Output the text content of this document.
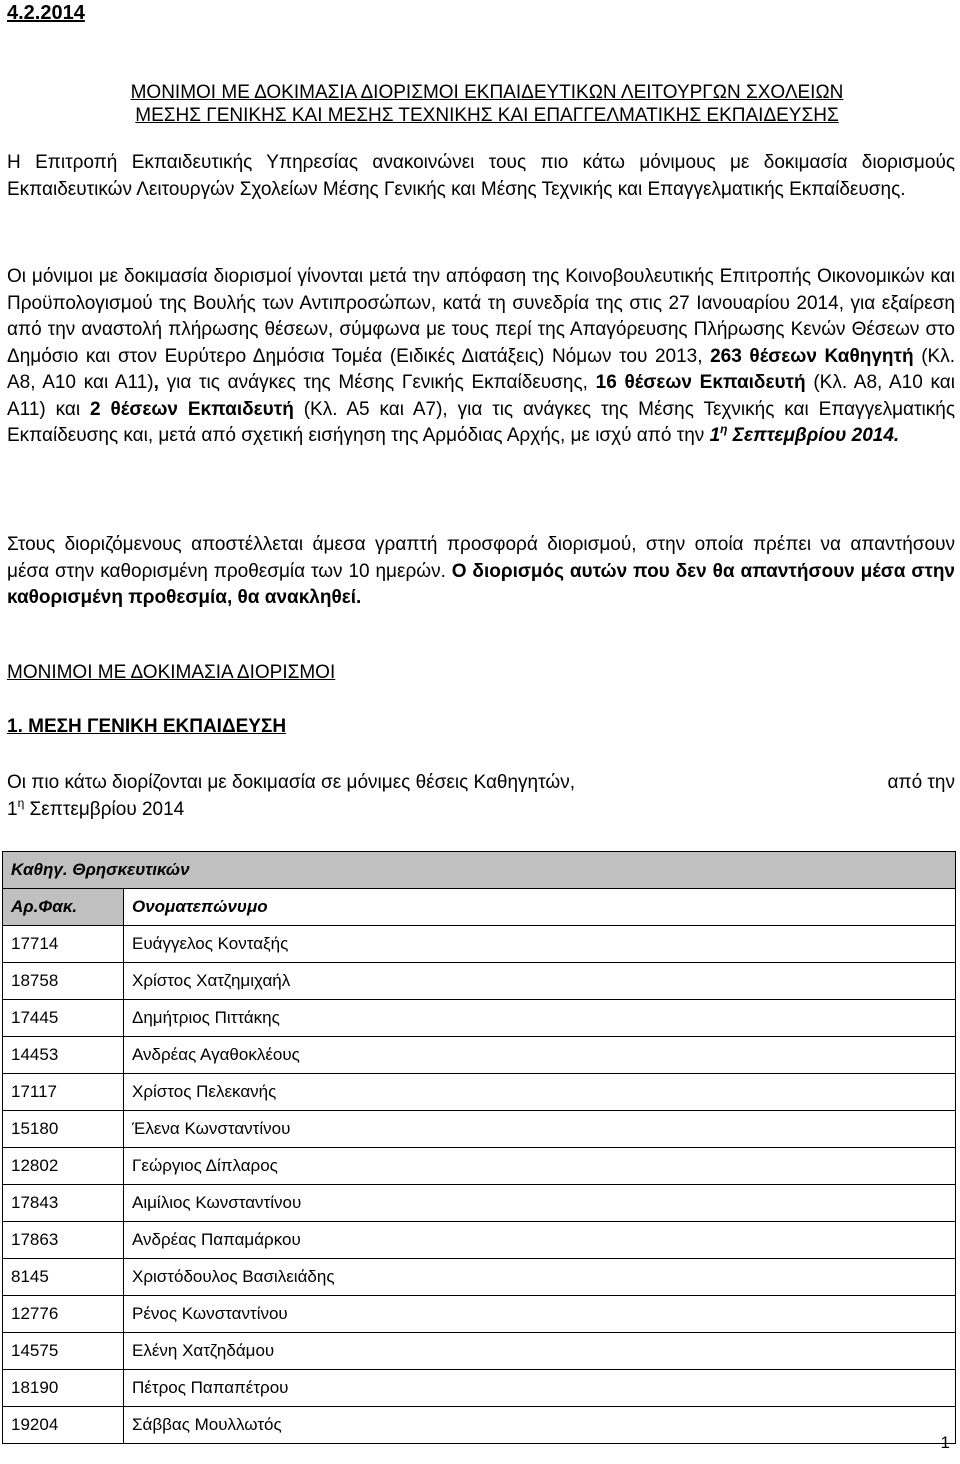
4.2.2014
ΜΟΝΙΜΟΙ ΜΕ ΔΟΚΙΜΑΣΙΑ ΔΙΟΡΙΣΜΟΙ ΕΚΠΑΙΔΕΥΤΙΚΩΝ ΛΕΙΤΟΥΡΓΩΝ ΣΧΟΛΕΙΩΝ
ΜΕΣΗΣ ΓΕΝΙΚΗΣ ΚΑΙ ΜΕΣΗΣ ΤΕΧΝΙΚΗΣ ΚΑΙ ΕΠΑΓΓΕΛΜΑΤΙΚΗΣ ΕΚΠΑΙΔΕΥΣΗΣ
Η Επιτροπή Εκπαιδευτικής Υπηρεσίας ανακοινώνει τους πιο κάτω μόνιμους με δοκιμασία διορισμούς Εκπαιδευτικών Λειτουργών Σχολείων Μέσης Γενικής και Μέσης Τεχνικής και Επαγγελματικής Εκπαίδευσης.
Οι μόνιμοι με δοκιμασία διορισμοί γίνονται μετά την απόφαση της Κοινοβουλευτικής Επιτροπής Οικονομικών και Προϋπολογισμού της Βουλής των Αντιπροσώπων, κατά τη συνεδρία της στις 27 Ιανουαρίου 2014, για εξαίρεση από την αναστολή πλήρωσης θέσεων, σύμφωνα με τους περί της Απαγόρευσης Πλήρωσης Κενών Θέσεων στο Δημόσιο και στον Ευρύτερο Δημόσια Τομέα (Ειδικές Διατάξεις) Νόμων του 2013, 263 θέσεων Καθηγητή (Κλ. Α8, Α10 και Α11), για τις ανάγκες της Μέσης Γενικής Εκπαίδευσης, 16 θέσεων Εκπαιδευτή (Κλ. Α8, Α10 και Α11) και 2 θέσεων Εκπαιδευτή (Κλ. Α5 και Α7), για τις ανάγκες της Μέσης Τεχνικής και Επαγγελματικής Εκπαίδευσης και, μετά από σχετική εισήγηση της Αρμόδιας Αρχής, με ισχύ από την $1^\eta$ Σεπτεμβρίου 2014.
Στους διοριζόμενους αποστέλλεται άμεσα γραπτή προσφορά διορισμού, στην οποία πρέπει να απαντήσουν μέσα στην καθορισμένη προθεσμία των 10 ημερών. Ο διορισμός αυτών που δεν θα απαντήσουν μέσα στην καθορισμένη προθεσμία, θα ανακληθεί.
ΜΟΝΙΜΟΙ ΜΕ ΔΟΚΙΜΑΣΙΑ ΔΙΟΡΙΣΜΟΙ
1. ΜΕΣΗ ΓΕΝΙΚΗ ΕΚΠΑΙΔΕΥΣΗ
από την
Οι πιο κάτω διορίζονται με δοκιμασία σε μόνιμες θέσεις Καθηγητών,
$1^\eta$ Σεπτεμβρίου 2014
Καθηγ. Θρησκευτικών	
Αρ.Φακ.	Ονοματεπώνυμο
17714	Ευάγγελος Κονταξής
18758	Χρίστος Χατζημιχαήλ
17445	Δημήτριος Πιττάκης
14453	Ανδρέας Αγαθοκλέους
17117	Χρίστος Πελεκανής
15180	Έλενα Κωνσταντίνου
12802	Γεώργιος Δίπλαρος
17843	Αιμίλιος Κωνσταντίνου
17863	Ανδρέας Παπαμάρκου
8145	Χριστόδουλος Βασιλειάδης
12776	Ρένος Κωνσταντίνου
14575	Ελένη Χατζηδάμου
18190	Πέτρος Παπαπέτρου
19204	Σάββας Μουλλωτός
1
